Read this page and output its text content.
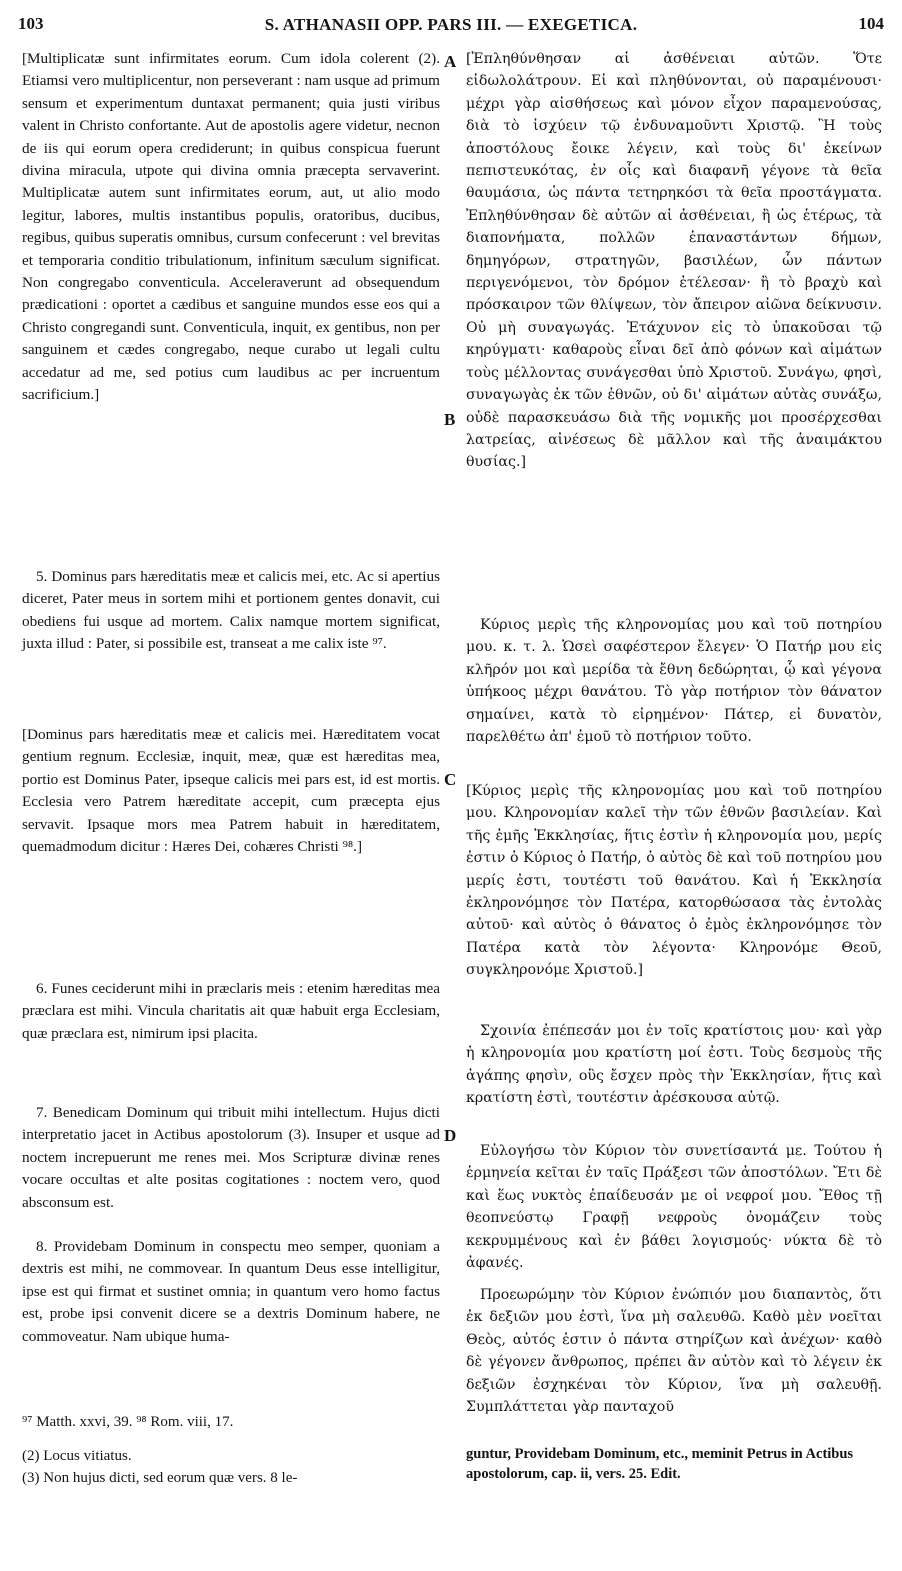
103	S. ATHANASII OPP. PARS III. — EXEGETICA.	104
A
B
C
D

[Multiplicatæ sunt infirmitates eorum. Cum idola colerent (2). Etiamsi vero multiplicentur, non perseverant : nam usque ad primum sensum et experimentum duntaxat permanent; quia justi viribus valent in Christo confortante. Aut de apostolis agere videtur, necnon de iis qui eorum opera crediderunt; in quibus conspicua fuerunt divina miracula, utpote qui divina omnia præcepta servaverint. Multiplicatæ autem sunt infirmitates eorum, aut, ut alio modo legitur, labores, multis instantibus populis, oratoribus, ducibus, regibus, quibus superatis omnibus, cursum confecerunt : vel brevitas et temporaria conditio tribulationum, infinitum sæculum significat. Non congregabo conventicula. Acceleraverunt ad obsequendum prædicationi : oportet a cædibus et sanguine mundos esse eos qui a Christo congregandi sunt. Conventicula, inquit, ex gentibus, non per sanguinem et cædes congregabo, neque curabo ut legali cultu accedatur ad me, sed potius cum laudibus ac per incruentum sacrificium.]

5. Dominus pars hæreditatis meæ et calicis mei, etc. Ac si apertius diceret, Pater meus in sortem mihi et portionem gentes donavit, cui obediens fui usque ad mortem. Calix namque mortem significat, juxta illud : Pater, si possibile est, transeat a me calix iste ⁹⁷.

[Dominus pars hæreditatis meæ et calicis mei. Hæreditatem vocat gentium regnum. Ecclesiæ, inquit, meæ, quæ est hæreditas mea, portio est Dominus Pater, ipseque calicis mei pars est, id est mortis. Ecclesia vero Patrem hæreditate accepit, cum præcepta ejus servavit. Ipsaque mors mea Patrem habuit in hæreditatem, quemadmodum dicitur : Hæres Dei, cohæres Christi ⁹⁸.]

6. Funes ceciderunt mihi in præclaris meis : etenim hæreditas mea præclara est mihi. Vincula charitatis ait quæ habuit erga Ecclesiam, quæ præclara est, nimirum ipsi placita.

7. Benedicam Dominum qui tribuit mihi intellectum. Hujus dicti interpretatio jacet in Actibus apostolorum (3). Insuper et usque ad noctem increpuerunt me renes mei. Mos Scripturæ divinæ renes vocare occultas et alte positas cogitationes : noctem vero, quod absconsum est.

8. Providebam Dominum in conspectu meo semper, quoniam a dextris est mihi, ne commovear. In quantum Deus esse intelligitur, ipse est qui firmat et sustinet omnia; in quantum vero homo factus est, probe ipsi convenit dicere se a dextris Dominum habere, ne commoveatur. Nam ubique huma-

[Ἐπληθύνθησαν αἱ ἀσθένειαι αὐτῶν. Ὅτε εἰδωλολάτρουν. Εἰ καὶ πληθύνονται, οὐ παραμένουσι· μέχρι γὰρ αἰσθήσεως καὶ μόνον εἶχον παραμενούσας, διὰ τὸ ἰσχύειν τῷ ἐνδυναμοῦντι Χριστῷ. Ἢ τοὺς ἀποστόλους ἔοικε λέγειν, καὶ τοὺς δι' ἐκείνων πεπιστευκότας, ἐν οἷς καὶ διαφανῆ γέγονε τὰ θεῖα θαυμάσια, ὡς πάντα τετηρηκόσι τὰ θεῖα προστάγματα. Ἐπληθύνθησαν δὲ αὐτῶν αἱ ἀσθένειαι, ἢ ὡς ἑτέρως, τὰ διαπονήματα, πολλῶν ἐπαναστάντων δήμων, δημηγόρων, στρατηγῶν, βασιλέων, ὧν πάντων περιγενόμενοι, τὸν δρόμον ἐτέλεσαν· ἢ τὸ βραχὺ καὶ πρόσκαιρον τῶν θλίψεων, τὸν ἄπειρον αἰῶνα δείκνυσιν. Οὐ μὴ συναγωγάς. Ἐτάχυνον εἰς τὸ ὑπακοῦσαι τῷ κηρύγματι· καθαροὺς εἶναι δεῖ ἀπὸ φόνων καὶ αἱμάτων τοὺς μέλλοντας συνάγεσθαι ὑπὸ Χριστοῦ. Συνάγω, φησὶ, συναγωγὰς ἐκ τῶν ἐθνῶν, οὐ δι' αἱμάτων αὐτὰς συνάξω, οὐδὲ παρασκευάσω διὰ τῆς νομικῆς μοι προσέρχεσθαι λατρείας, αἰνέσεως δὲ μᾶλλον καὶ τῆς ἀναιμάκτου θυσίας.]

Κύριος μερὶς τῆς κληρονομίας μου καὶ τοῦ ποτηρίου μου. κ. τ. λ. Ὡσεὶ σαφέστερον ἔλεγεν· Ὁ Πατήρ μου εἰς κλῆρόν μοι καὶ μερίδα τὰ ἔθνη δεδώρηται, ᾧ καὶ γέγονα ὑπήκοος μέχρι θανάτου. Τὸ γὰρ ποτήριον τὸν θάνατον σημαίνει, κατὰ τὸ εἰρημένον· Πάτερ, εἰ δυνατὸν, παρελθέτω ἀπ' ἐμοῦ τὸ ποτήριον τοῦτο.

[Κύριος μερὶς τῆς κληρονομίας μου καὶ τοῦ ποτηρίου μου. Κληρονομίαν καλεῖ τὴν τῶν ἐθνῶν βασιλείαν. Καὶ τῆς ἐμῆς Ἐκκλησίας, ἥτις ἐστὶν ἡ κληρονομία μου, μερίς ἐστιν ὁ Κύριος ὁ Πατήρ, ὁ αὐτὸς δὲ καὶ τοῦ ποτηρίου μου μερίς ἐστι, τουτέστι τοῦ θανάτου. Καὶ ἡ Ἐκκλησία ἐκληρονόμησε τὸν Πατέρα, κατορθώσασα τὰς ἐντολὰς αὐτοῦ· καὶ αὐτὸς ὁ θάνατος ὁ ἐμὸς ἐκληρονόμησε τὸν Πατέρα κατὰ τὸν λέγοντα· Κληρονόμε Θεοῦ, συγκληρονόμε Χριστοῦ.]

Σχοινία ἐπέπεσάν μοι ἐν τοῖς κρατίστοις μου· καὶ γὰρ ἡ κληρονομία μου κρατίστη μοί ἐστι. Τοὺς δεσμοὺς τῆς ἀγάπης φησὶν, οὓς ἔσχεν πρὸς τὴν Ἐκκλησίαν, ἥτις καὶ κρατίστη ἐστὶ, τουτέστιν ἀρέσκουσα αὐτῷ.

Εὐλογήσω τὸν Κύριον τὸν συνετίσαντά με. Τούτου ἡ ἑρμηνεία κεῖται ἐν ταῖς Πράξεσι τῶν ἀποστόλων. Ἔτι δὲ καὶ ἕως νυκτὸς ἐπαίδευσάν με οἱ νεφροί μου. Ἔθος τῇ θεοπνεύστῳ Γραφῇ νεφροὺς ὀνομάζειν τοὺς κεκρυμμένους καὶ ἐν βάθει λογισμούς· νύκτα δὲ τὸ ἀφανές.

Προεωρώμην τὸν Κύριον ἐνώπιόν μου διαπαντὸς, ὅτι ἐκ δεξιῶν μου ἐστὶ, ἵνα μὴ σαλευθῶ. Καθὸ μὲν νοεῖται Θεὸς, αὐτός ἐστιν ὁ πάντα στηρίζων καὶ ἀνέχων· καθὸ δὲ γέγονεν ἄνθρωπος, πρέπει ἂν αὐτὸν καὶ τὸ λέγειν ἐκ δεξιῶν ἐσχηκέναι τὸν Κύριον, ἵνα μὴ σαλευθῇ. Συμπλάττεται γὰρ πανταχοῦ

⁹⁷ Matth. xxvi, 39. ⁹⁸ Rom. viii, 17.
(2) Locus vitiatus.
(3) Non hujus dicti, sed eorum quæ vers. 8 le-
guntur, Providebam Dominum, etc., meminit Petrus in Actibus apostolorum, cap. ii, vers. 25. Edit.
